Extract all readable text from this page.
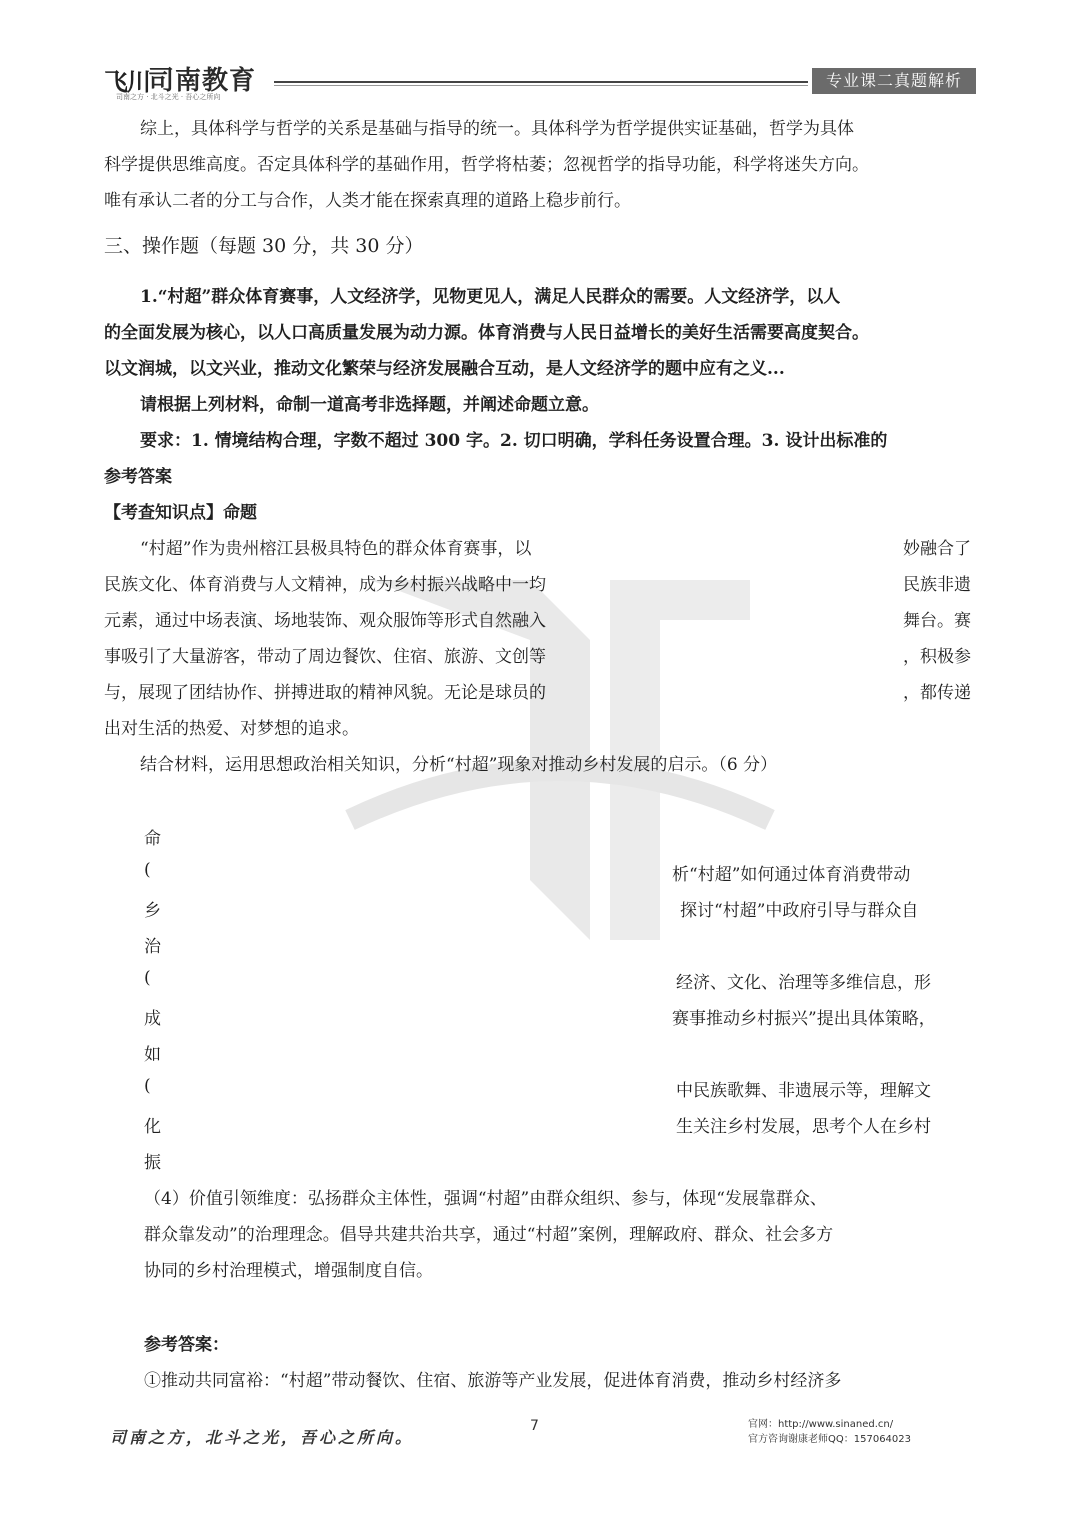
飞川
司南教育
司南之方 · 北斗之光 · 吾心之所向
专业课二真题解析
综上，具体科学与哲学的关系是基础与指导的统一。具体科学为哲学提供实证基础，哲学为具体
科学提供思维高度。否定具体科学的基础作用，哲学将枯萎；忽视哲学的指导功能，科学将迷失方向。
唯有承认二者的分工与合作，人类才能在探索真理的道路上稳步前行。
三、操作题（每题 30 分，共 30 分）
1.“村超”群众体育赛事，人文经济学，见物更见人，满足人民群众的需要。人文经济学，以人
的全面发展为核心，以人口高质量发展为动力源。体育消费与人民日益增长的美好生活需要高度契合。
以文润城，以文兴业，推动文化繁荣与经济发展融合互动，是人文经济学的题中应有之义...
请根据上列材料，命制一道高考非选择题，并阐述命题立意。
要求：1. 情境结构合理，字数不超过 300 字。2. 切口明确，学科任务设置合理。3. 设计出标准的
参考答案
【考查知识点】命题
“村超”作为贵州榕江县极具特色的群众体育赛事，以	妙融合了
民族文化、体育消费与人文精神，成为乡村振兴战略中一均	民族非遗
元素，通过中场表演、场地装饰、观众服饰等形式自然融入	舞台。赛
事吸引了大量游客，带动了周边餐饮、住宿、旅游、文创等	，积极参
与，展现了团结协作、拼搏进取的精神风貌。无论是球员的	，都传递
出对生活的热爱、对梦想的追求。
结合材料，运用思想政治相关知识，分析“村超”现象对推动乡村发展的启示。（6 分）
命
(	析“村超”如何通过体育消费带动
乡	探讨“村超”中政府引导与群众自
治
(	经济、文化、治理等多维信息，形
成	赛事推动乡村振兴”提出具体策略，
如
(	中民族歌舞、非遗展示等，理解文
化	生关注乡村发展，思考个人在乡村
振
（4）价值引领维度：弘扬群众主体性，强调“村超”由群众组织、参与，体现“发展靠群众、
群众靠发动”的治理理念。倡导共建共治共享，通过“村超”案例，理解政府、群众、社会多方
协同的乡村治理模式，增强制度自信。
参考答案：
①推动共同富裕：“村超”带动餐饮、住宿、旅游等产业发展，促进体育消费，推动乡村经济多
司南之方，北斗之光，吾心之所向。
7	官网：http://www.sinaned.cn/
官方咨询谢康老师QQ：157064023
